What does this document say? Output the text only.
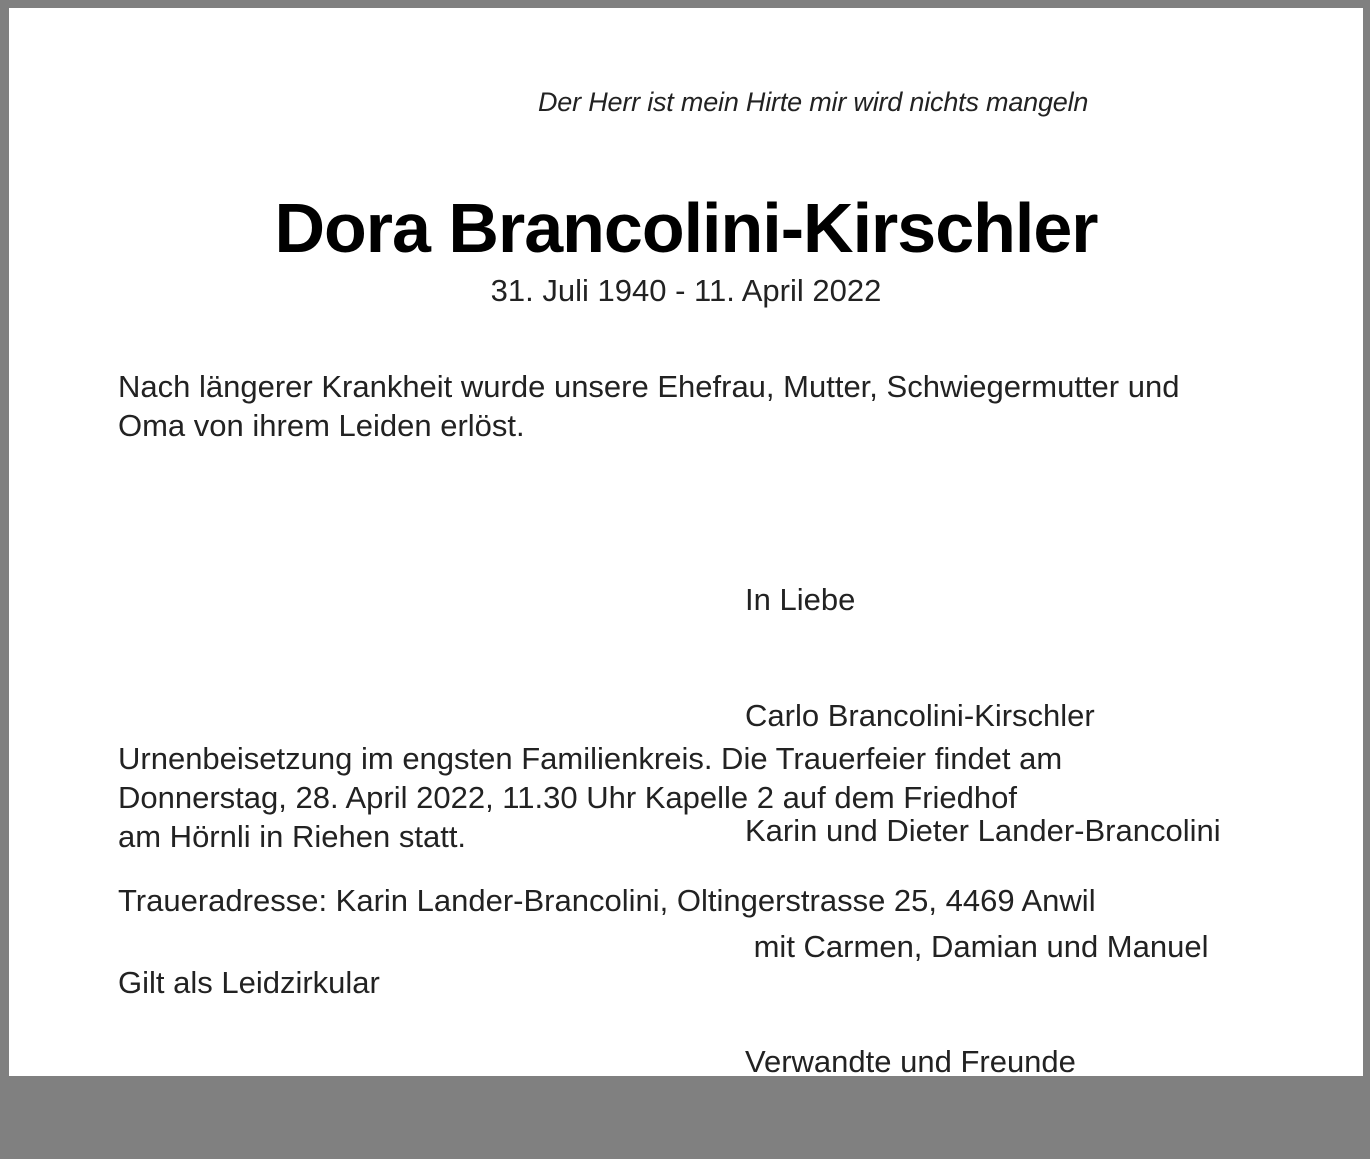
Der Herr ist mein Hirte mir wird nichts mangeln
Dora Brancolini-Kirschler
31. Juli 1940 - 11. April 2022
Nach längerer Krankheit wurde unsere Ehefrau, Mutter, Schwiegermutter und
Oma von ihrem Leiden erlöst.

In Liebe

Carlo Brancolini-Kirschler

Karin und Dieter Lander-Brancolini

mit Carmen, Damian und Manuel

Verwandte und Freunde

Urnenbeisetzung im engsten Familienkreis. Die Trauerfeier findet am
Donnerstag, 28. April 2022, 11.30 Uhr Kapelle 2 auf dem Friedhof
am Hörnli in Riehen statt.
Traueradresse: Karin Lander-Brancolini, Oltingerstrasse 25, 4469 Anwil
Gilt als Leidzirkular
